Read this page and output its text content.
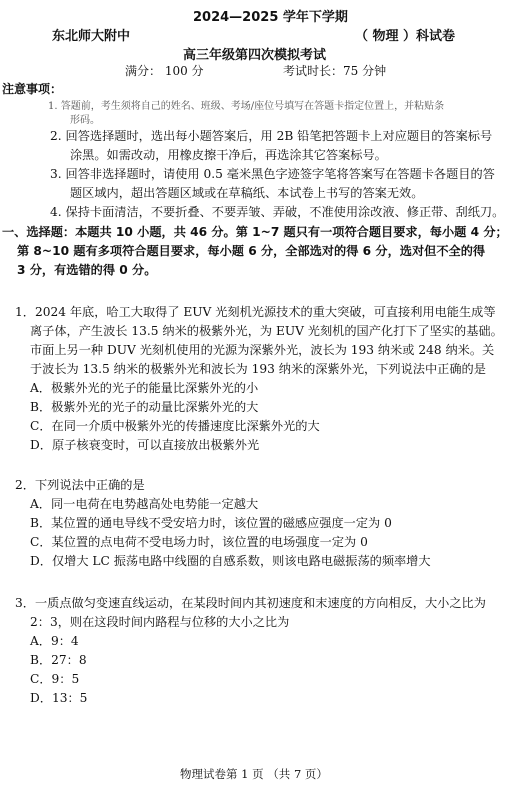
2024—2025 学年下学期
东北师大附中	（ 物理 ）科试卷
高三年级第四次模拟考试
满分： 100 分	考试时长：75 分钟
注意事项：
1. 答题前，考生须将自己的姓名、班级、考场/座位号填写在答题卡指定位置上，并粘贴条
形码。
2. 回答选择题时，选出每小题答案后，用 2B 铅笔把答题卡上对应题目的答案标号
涂黑。如需改动，用橡皮擦干净后，再选涂其它答案标号。
3. 回答非选择题时，请使用 0.5 毫米黑色字迹签字笔将答案写在答题卡各题目的答
题区域内，超出答题区域或在草稿纸、本试卷上书写的答案无效。
4. 保持卡面清洁，不要折叠、不要弄皱、弄破，不准使用涂改液、修正带、刮纸刀。
一、选择题：本题共 10 小题，共 46 分。第 1~7 题只有一项符合题目要求，每小题 4 分；
第 8~10 题有多项符合题目要求，每小题 6 分，全部选对的得 6 分，选对但不全的得
3 分，有选错的得 0 分。
1．2024 年底，哈工大取得了 EUV 光刻机光源技术的重大突破，可直接利用电能生成等
离子体，产生波长 13.5 纳米的极紫外光，为 EUV 光刻机的国产化打下了坚实的基础。
市面上另一种 DUV 光刻机使用的光源为深紫外光，波长为 193 纳米或 248 纳米。关
于波长为 13.5 纳米的极紫外光和波长为 193 纳米的深紫外光，下列说法中正确的是
A．极紫外光的光子的能量比深紫外光的小
B．极紫外光的光子的动量比深紫外光的大
C．在同一介质中极紫外光的传播速度比深紫外光的大
D．原子核衰变时，可以直接放出极紫外光
2．下列说法中正确的是
A．同一电荷在电势越高处电势能一定越大
B．某位置的通电导线不受安培力时，该位置的磁感应强度一定为 0
C．某位置的点电荷不受电场力时，该位置的电场强度一定为 0
D．仅增大 LC 振荡电路中线圈的自感系数，则该电路电磁振荡的频率增大
3．一质点做匀变速直线运动，在某段时间内其初速度和末速度的方向相反，大小之比为
2：3，则在这段时间内路程与位移的大小之比为
A．9：4
B．27：8
C．9：5
D．13：5
物理试卷第 1 页 （共 7 页）
